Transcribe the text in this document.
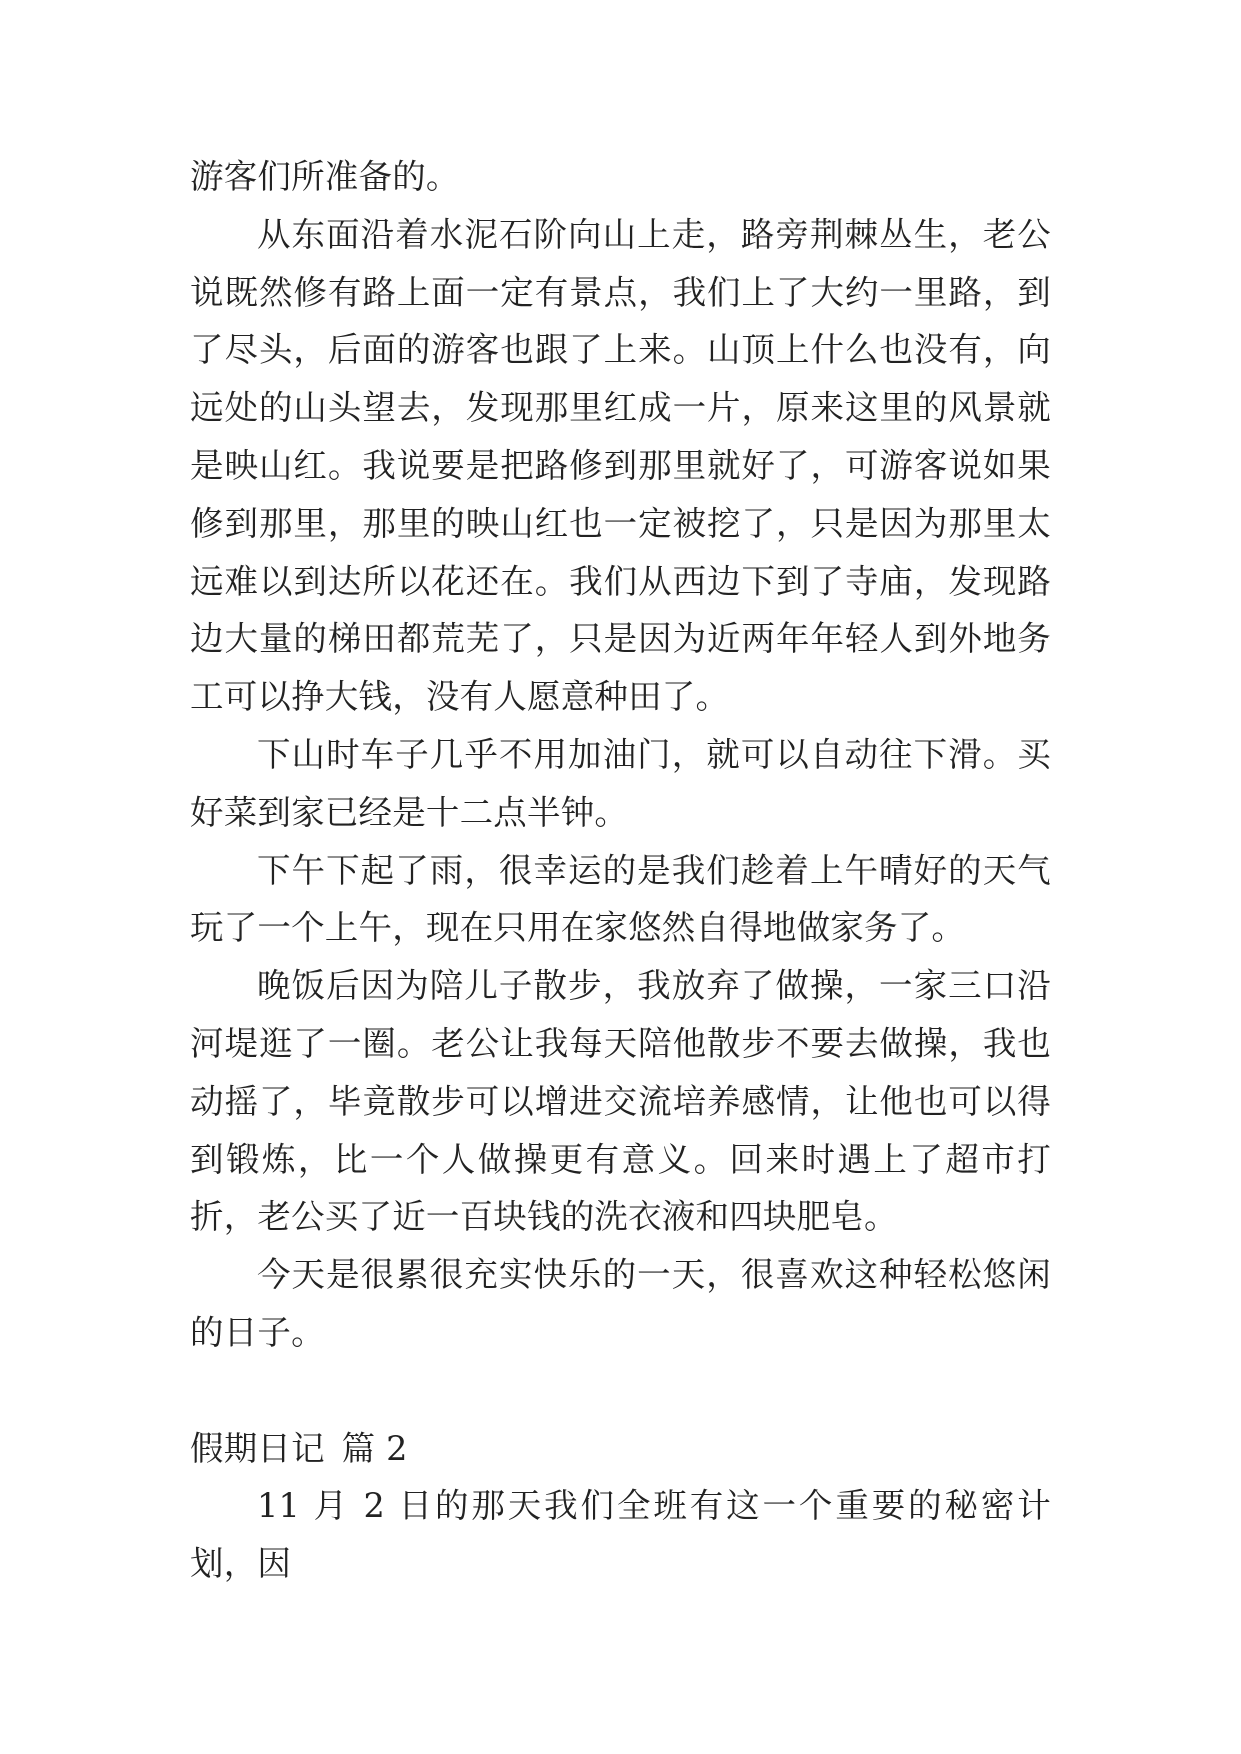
游客们所准备的。

从东面沿着水泥石阶向山上走，路旁荆棘丛生，老公说既然修有路上面一定有景点，我们上了大约一里路，到了尽头，后面的游客也跟了上来。山顶上什么也没有，向远处的山头望去，发现那里红成一片，原来这里的风景就是映山红。我说要是把路修到那里就好了，可游客说如果修到那里，那里的映山红也一定被挖了，只是因为那里太远难以到达所以花还在。我们从西边下到了寺庙，发现路边大量的梯田都荒芜了，只是因为近两年年轻人到外地务工可以挣大钱，没有人愿意种田了。

下山时车子几乎不用加油门，就可以自动往下滑。买好菜到家已经是十二点半钟。

下午下起了雨，很幸运的是我们趁着上午晴好的天气玩了一个上午，现在只用在家悠然自得地做家务了。

晚饭后因为陪儿子散步，我放弃了做操，一家三口沿河堤逛了一圈。老公让我每天陪他散步不要去做操，我也动摇了，毕竟散步可以增进交流培养感情，让他也可以得到锻炼，比一个人做操更有意义。回来时遇上了超市打折，老公买了近一百块钱的洗衣液和四块肥皂。

今天是很累很充实快乐的一天，很喜欢这种轻松悠闲的日子。

假期日记 篇 2

11 月 2 日的那天我们全班有这一个重要的秘密计划，因
